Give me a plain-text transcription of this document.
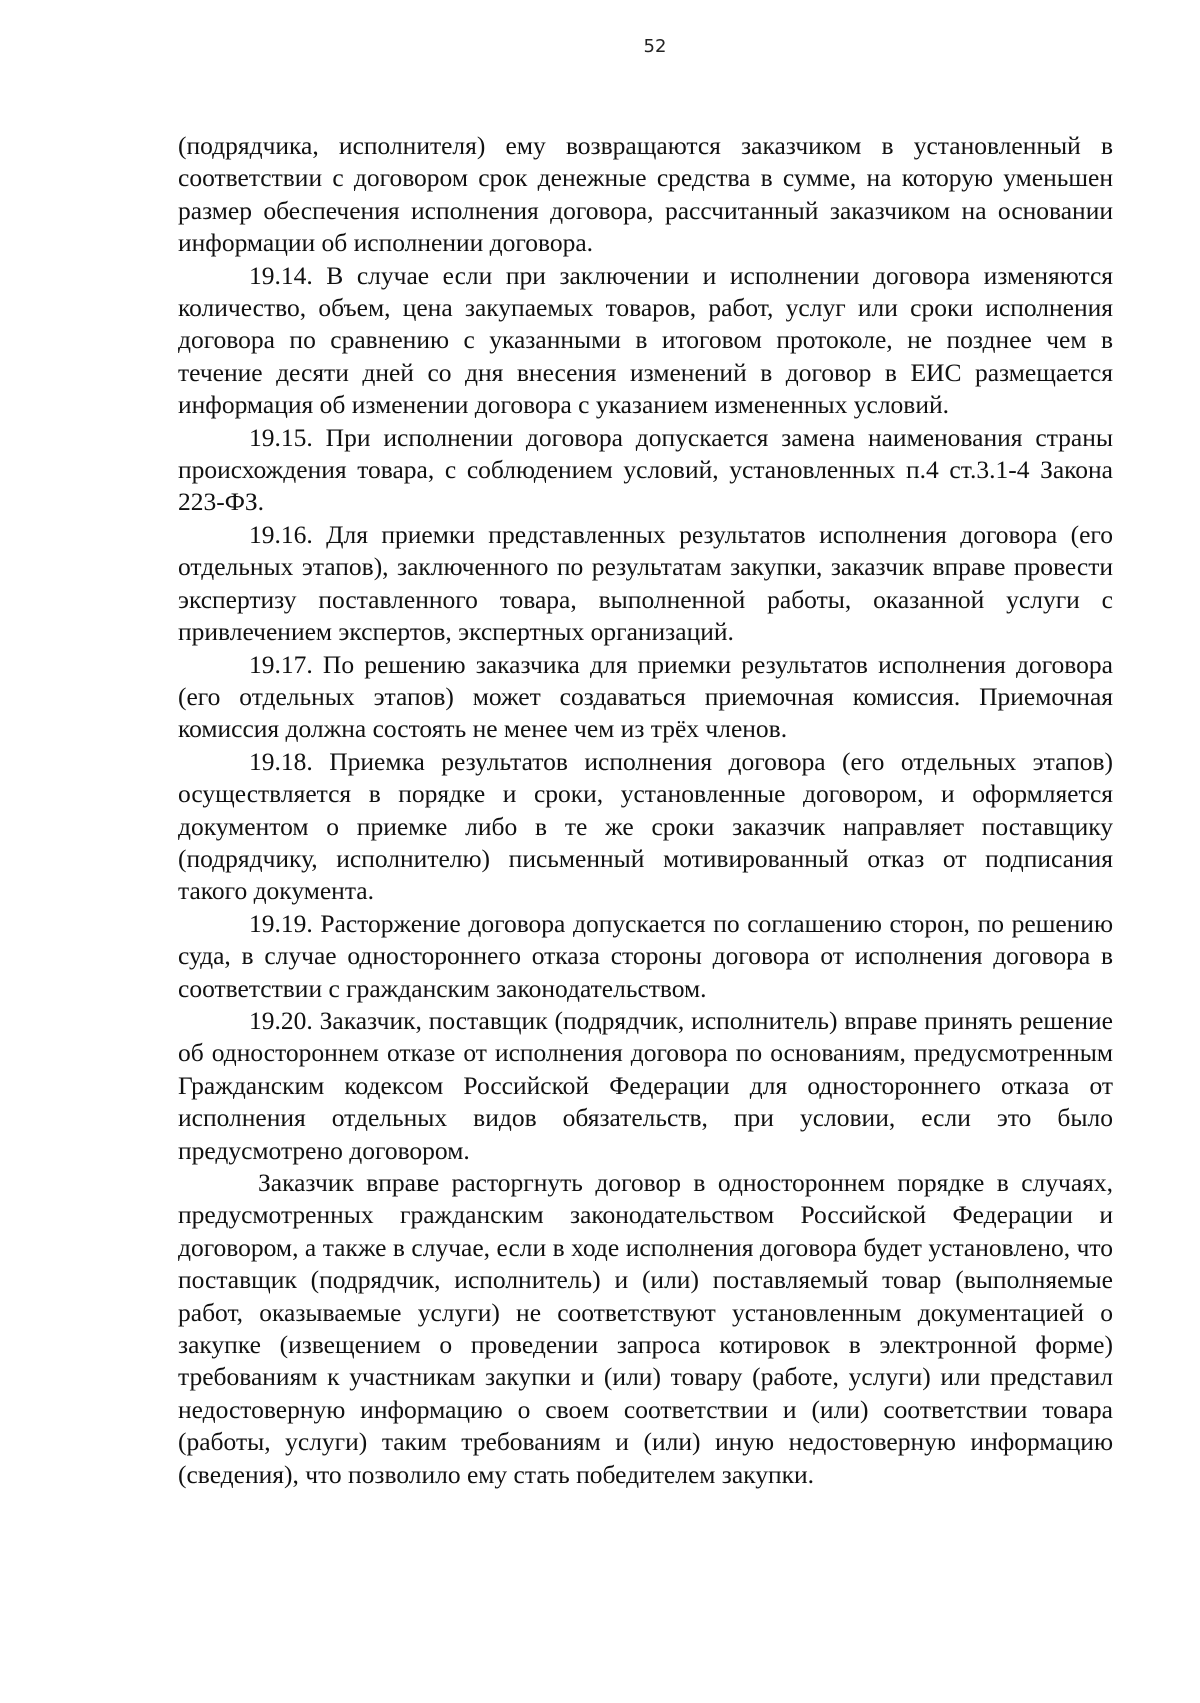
52

(подрядчика, исполнителя) ему возвращаются заказчиком в установленный в соответствии с договором срок денежные средства в сумме, на которую уменьшен размер обеспечения исполнения договора, рассчитанный заказчиком на основании информации об исполнении договора.

19.14. В случае если при заключении и исполнении договора изменяются количество, объем, цена закупаемых товаров, работ, услуг или сроки исполнения договора по сравнению с указанными в итоговом протоколе, не позднее чем в течение десяти дней со дня внесения изменений в договор в ЕИС размещается информация об изменении договора с указанием измененных условий.

19.15. При исполнении договора допускается замена наименования страны происхождения товара, с соблюдением условий, установленных п.4 ст.3.1-4 Закона 223-ФЗ.

19.16. Для приемки представленных результатов исполнения договора (его отдельных этапов), заключенного по результатам закупки, заказчик вправе провести экспертизу поставленного товара, выполненной работы, оказанной услуги с привлечением экспертов, экспертных организаций.

19.17. По решению заказчика для приемки результатов исполнения договора (его отдельных этапов) может создаваться приемочная комиссия. Приемочная комиссия должна состоять не менее чем из трёх членов.

19.18. Приемка результатов исполнения договора (его отдельных этапов) осуществляется в порядке и сроки, установленные договором, и оформляется документом о приемке либо в те же сроки заказчик направляет поставщику (подрядчику, исполнителю) письменный мотивированный отказ от подписания такого документа.

19.19. Расторжение договора допускается по соглашению сторон, по решению суда, в случае одностороннего отказа стороны договора от исполнения договора в соответствии с гражданским законодательством.

19.20. Заказчик, поставщик (подрядчик, исполнитель) вправе принять решение об одностороннем отказе от исполнения договора по основаниям, предусмотренным Гражданским кодексом Российской Федерации для одностороннего отказа от исполнения отдельных видов обязательств, при условии, если это было предусмотрено договором.

Заказчик вправе расторгнуть договор в одностороннем порядке в случаях, предусмотренных гражданским законодательством Российской Федерации и договором, а также в случае, если в ходе исполнения договора будет установлено, что поставщик (подрядчик, исполнитель) и (или) поставляемый товар (выполняемые работ, оказываемые услуги) не соответствуют установленным документацией о закупке (извещением о проведении запроса котировок в электронной форме) требованиям к участникам закупки и (или) товару (работе, услуги) или представил недостоверную информацию о своем соответствии и (или) соответствии товара (работы, услуги) таким требованиям и (или) иную недостоверную информацию (сведения), что позволило ему стать победителем закупки.
